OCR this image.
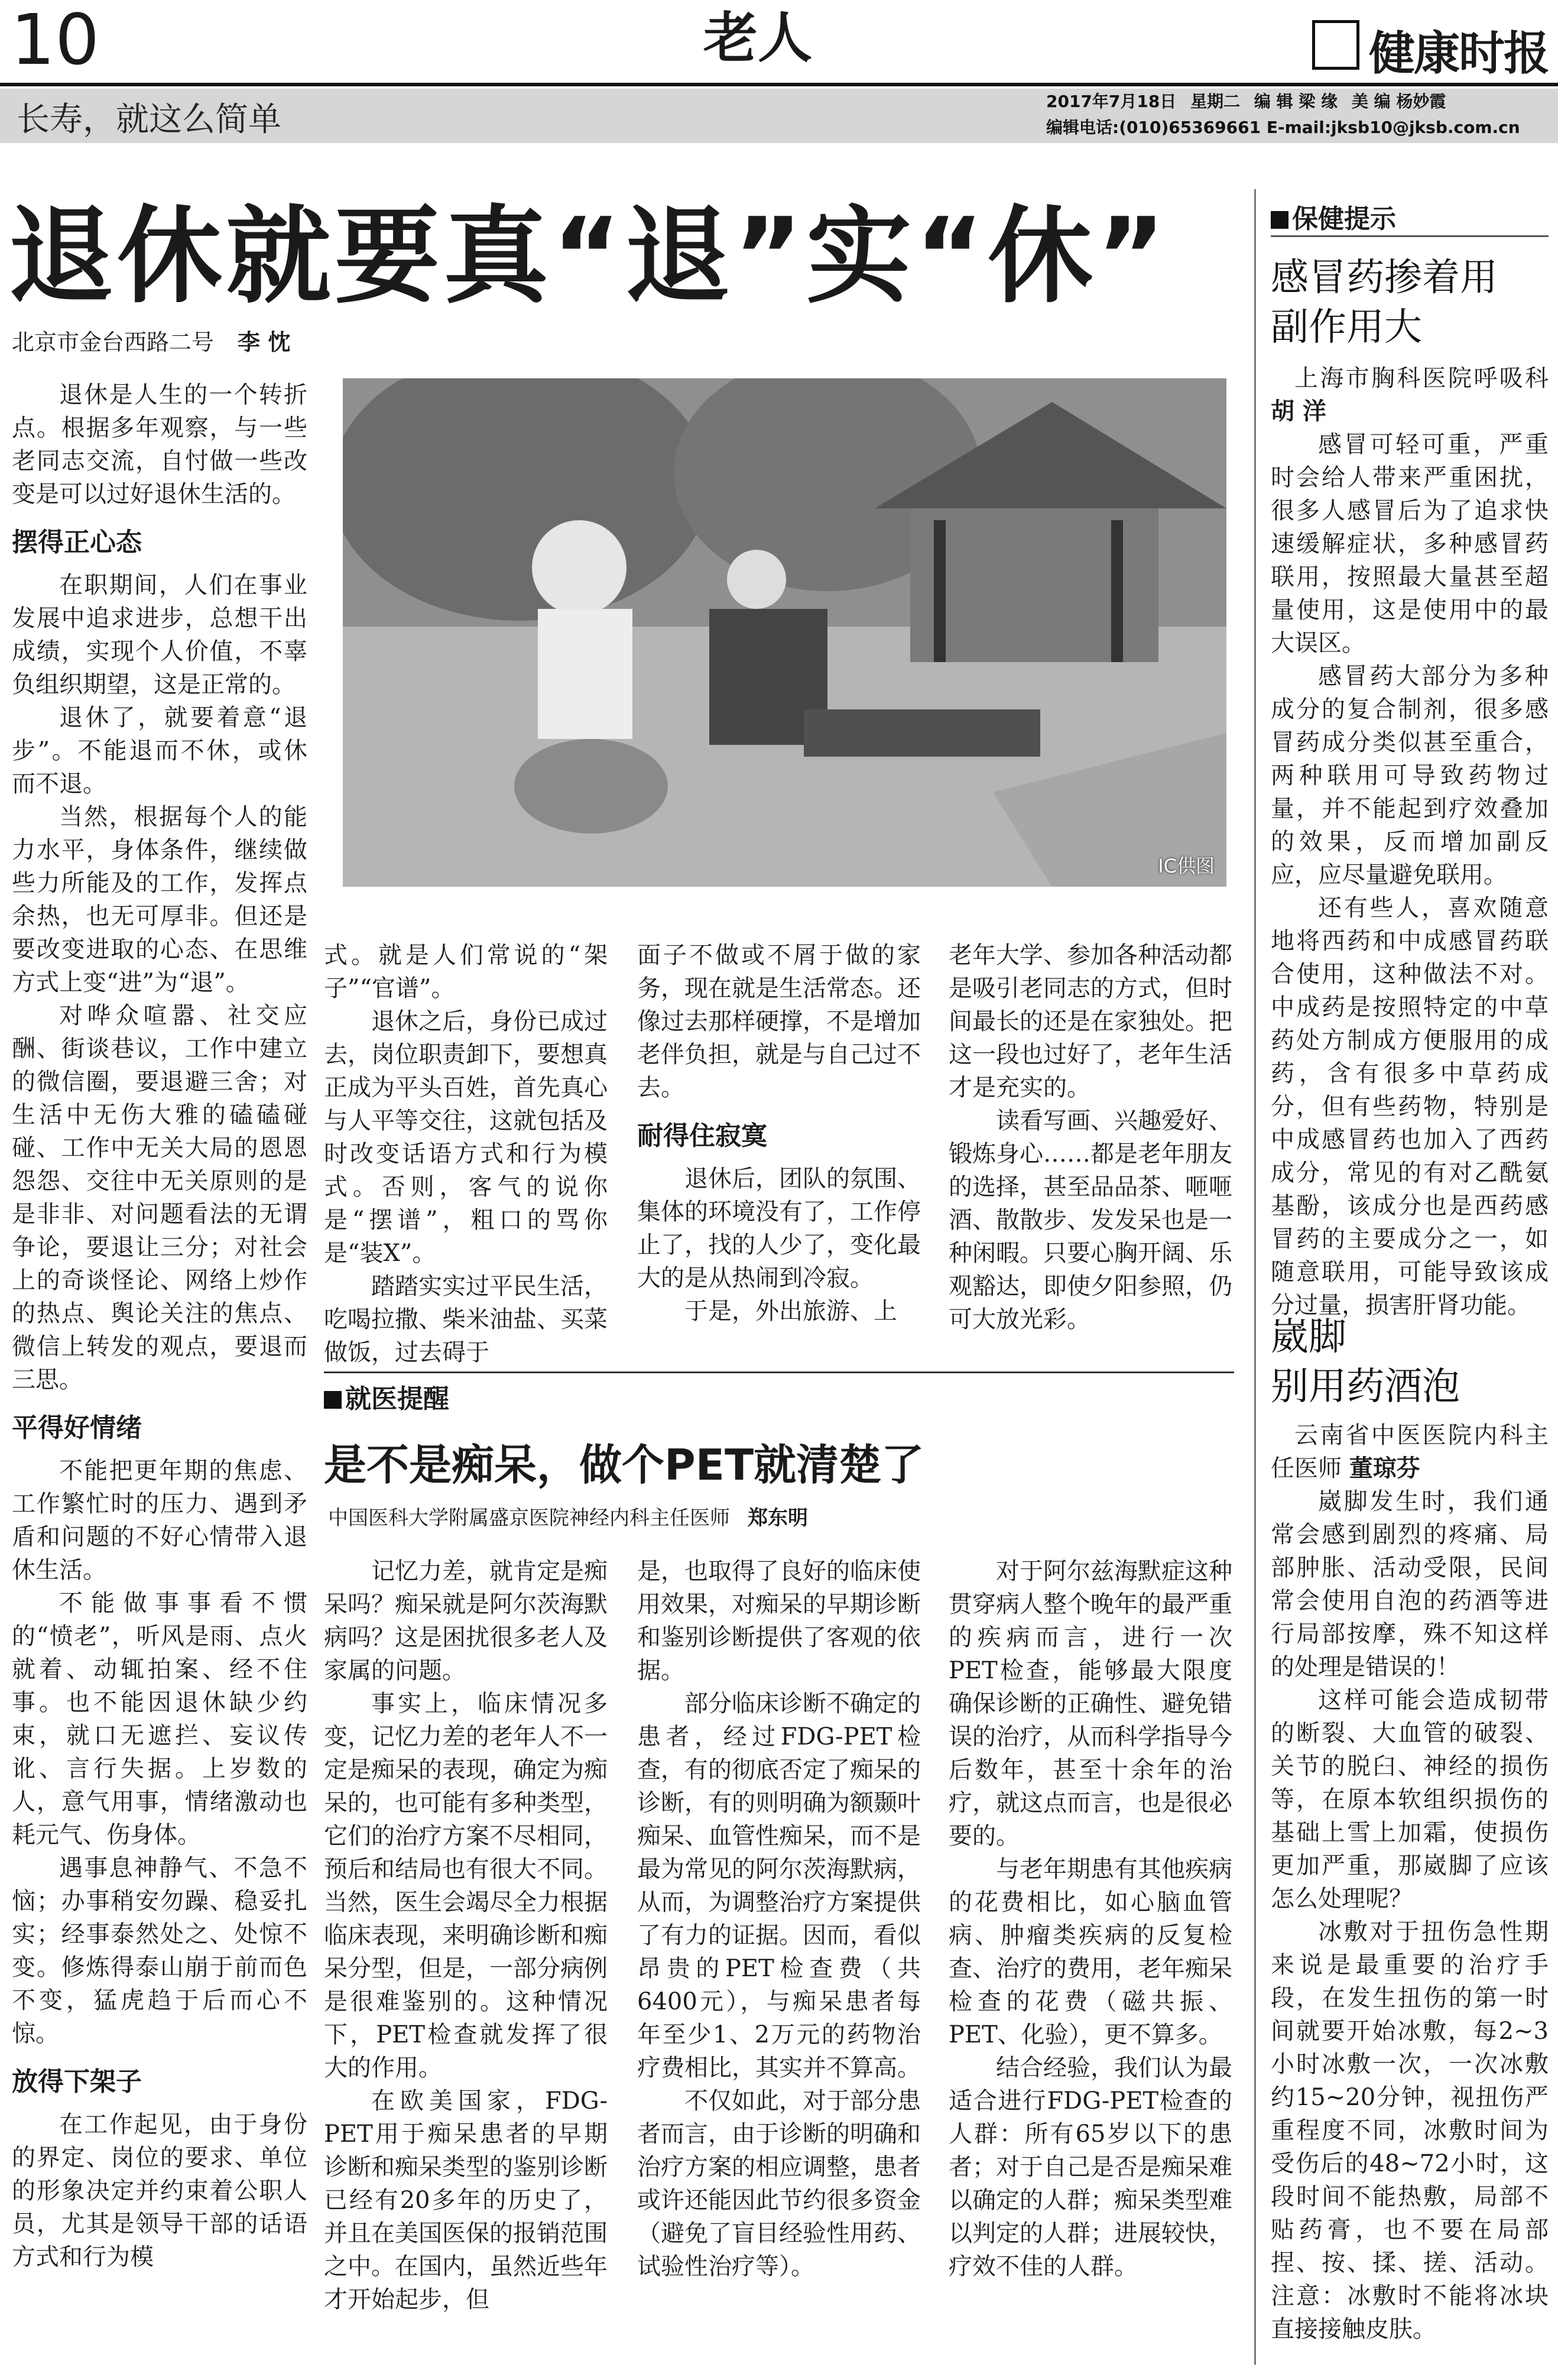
10	老人	健康时报
长寿，就这么简单	2017年7月18日 星期二 编 辑 梁 缘 美 编 杨妙霞
编辑电话:(010)65369661 E-mail:jksb10@jksb.com.cn
退休就要真“退”实“休”
北京市金台西路二号 李 忱

退休是人生的一个转折点。根据多年观察，与一些老同志交流，自忖做一些改变是可以过好退休生活的。

摆得正心态

在职期间，人们在事业发展中追求进步，总想干出成绩，实现个人价值，不辜负组织期望，这是正常的。

退休了，就要着意“退步”。不能退而不休，或休而不退。

当然，根据每个人的能力水平，身体条件，继续做些力所能及的工作，发挥点余热，也无可厚非。但还是要改变进取的心态、在思维方式上变“进”为“退”。

对哗众喧嚣、社交应酬、街谈巷议，工作中建立的微信圈，要退避三舍；对生活中无伤大雅的磕磕碰碰、工作中无关大局的恩恩怨怨、交往中无关原则的是是非非、对问题看法的无谓争论，要退让三分；对社会上的奇谈怪论、网络上炒作的热点、舆论关注的焦点、微信上转发的观点，要退而三思。

平得好情绪

不能把更年期的焦虑、工作繁忙时的压力、遇到矛盾和问题的不好心情带入退休生活。

不能做事事看不惯的“愤老”，听风是雨、点火就着、动辄拍案、经不住事。也不能因退休缺少约束，就口无遮拦、妄议传讹、言行失据。上岁数的人，意气用事，情绪激动也耗元气、伤身体。

遇事息神静气、不急不恼；办事稍安勿躁、稳妥扎实；经事泰然处之、处惊不变。修炼得泰山崩于前而色不变，猛虎趋于后而心不惊。

放得下架子

在工作起见，由于身份的界定、岗位的要求、单位的形象决定并约束着公职人员，尤其是领导干部的话语方式和行为模

IC供图

式。就是人们常说的“架子”“官谱”。

退休之后，身份已成过去，岗位职责卸下，要想真正成为平头百姓，首先真心与人平等交往，这就包括及时改变话语方式和行为模式。否则，客气的说你是“摆谱”，粗口的骂你是“装X”。

踏踏实实过平民生活，吃喝拉撒、柴米油盐、买菜做饭，过去碍于

面子不做或不屑于做的家务，现在就是生活常态。还像过去那样硬撑，不是增加老伴负担，就是与自己过不去。

耐得住寂寞

退休后，团队的氛围、集体的环境没有了，工作停止了，找的人少了，变化最大的是从热闹到冷寂。

于是，外出旅游、上

老年大学、参加各种活动都是吸引老同志的方式，但时间最长的还是在家独处。把这一段也过好了，老年生活才是充实的。

读看写画、兴趣爱好、锻炼身心……都是老年朋友的选择，甚至品品茶、咂咂酒、散散步、发发呆也是一种闲暇。只要心胸开阔、乐观豁达，即使夕阳参照，仍可大放光彩。

就医提醒
是不是痴呆，做个PET就清楚了
中国医科大学附属盛京医院神经内科主任医师 郑东明

记忆力差，就肯定是痴呆吗？痴呆就是阿尔茨海默病吗？这是困扰很多老人及家属的问题。

事实上，临床情况多变，记忆力差的老年人不一定是痴呆的表现，确定为痴呆的，也可能有多种类型，它们的治疗方案不尽相同，预后和结局也有很大不同。当然，医生会竭尽全力根据临床表现，来明确诊断和痴呆分型，但是，一部分病例是很难鉴别的。这种情况下，PET检查就发挥了很大的作用。

在欧美国家，FDG-PET用于痴呆患者的早期诊断和痴呆类型的鉴别诊断已经有20多年的历史了，并且在美国医保的报销范围之中。在国内，虽然近些年才开始起步，但

是，也取得了良好的临床使用效果，对痴呆的早期诊断和鉴别诊断提供了客观的依据。

部分临床诊断不确定的患者，经过FDG-PET检查，有的彻底否定了痴呆的诊断，有的则明确为额颞叶痴呆、血管性痴呆，而不是最为常见的阿尔茨海默病，从而，为调整治疗方案提供了有力的证据。因而，看似昂贵的PET检查费（共6400元），与痴呆患者每年至少1、2万元的药物治疗费相比，其实并不算高。

不仅如此，对于部分患者而言，由于诊断的明确和治疗方案的相应调整，患者或许还能因此节约很多资金（避免了盲目经验性用药、试验性治疗等）。

对于阿尔兹海默症这种贯穿病人整个晚年的最严重的疾病而言，进行一次PET检查，能够最大限度确保诊断的正确性、避免错误的治疗，从而科学指导今后数年，甚至十余年的治疗，就这点而言，也是很必要的。

与老年期患有其他疾病的花费相比，如心脑血管病、肿瘤类疾病的反复检查、治疗的费用，老年痴呆检查的花费（磁共振、PET、化验），更不算多。

结合经验，我们认为最适合进行FDG-PET检查的人群：所有65岁以下的患者；对于自己是否是痴呆难以确定的人群；痴呆类型难以判定的人群；进展较快，疗效不佳的人群。

保健提示
感冒药掺着用
副作用大

上海市胸科医院呼吸科 胡 洋

感冒可轻可重，严重时会给人带来严重困扰，很多人感冒后为了追求快速缓解症状，多种感冒药联用，按照最大量甚至超量使用，这是使用中的最大误区。

感冒药大部分为多种成分的复合制剂，很多感冒药成分类似甚至重合，两种联用可导致药物过量，并不能起到疗效叠加的效果，反而增加副反应，应尽量避免联用。

还有些人，喜欢随意地将西药和中成感冒药联合使用，这种做法不对。中成药是按照特定的中草药处方制成方便服用的成药，含有很多中草药成分，但有些药物，特别是中成感冒药也加入了西药成分，常见的有对乙酰氨基酚，该成分也是西药感冒药的主要成分之一，如随意联用，可能导致该成分过量，损害肝肾功能。

崴脚
别用药酒泡

云南省中医医院内科主任医师 董琼芬

崴脚发生时，我们通常会感到剧烈的疼痛、局部肿胀、活动受限，民间常会使用自泡的药酒等进行局部按摩，殊不知这样的处理是错误的！

这样可能会造成韧带的断裂、大血管的破裂、关节的脱臼、神经的损伤等，在原本软组织损伤的基础上雪上加霜，使损伤更加严重，那崴脚了应该怎么处理呢？

冰敷对于扭伤急性期来说是最重要的治疗手段，在发生扭伤的第一时间就要开始冰敷，每2~3小时冰敷一次，一次冰敷约15~20分钟，视扭伤严重程度不同，冰敷时间为受伤后的48~72小时，这段时间不能热敷，局部不贴药膏，也不要在局部捏、按、揉、搓、活动。注意：冰敷时不能将冰块直接接触皮肤。
